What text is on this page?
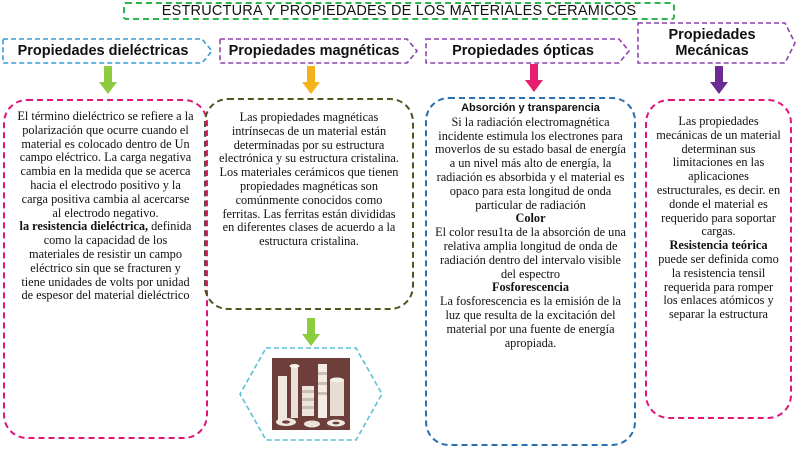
ESTRUCTURA Y PROPIEDADES DE LOS MATERIALES CERAMICOS
Propiedades dieléctricas	Propiedades magnéticas	Propiedades ópticas
Propiedades
Mecánicas

El término dieléctrico se refiere a la polarización que ocurre cuando el material es colocado dentro de Un campo eléctrico. La carga negativa cambia en la medida que se acerca hacia el electrodo positivo y la carga positiva cambia al acercarse al electrodo negativo.

la resistencia dieléctrica, definida como la capacidad de los materiales de resistir un campo eléctrico sin que se fracturen y tiene unidades de volts por unidad de espesor del material dieléctrico

Las propiedades magnéticas intrínsecas de un material están determinadas por su estructura electrónica y su estructura cristalina.

Los materiales cerámicos que tienen propiedades magnéticas son comúnmente conocidos como ferritas. Las ferritas están divididas en diferentes clases de acuerdo a la estructura cristalina.

Absorción y transparencia

Si la radiación electromagnética incidente estimula los electrones para moverlos de su estado basal de energía a un nivel más alto de energía, la radiación es absorbida y el material es opaco para esta longitud de onda particular de radiación

Color

El color resu1ta de la absorción de una relativa amplia longitud de onda de radiación dentro del intervalo visible del espectro

Fosforescencia

La fosforescencia es la emisión de la luz que resulta de la excitación del material por una fuente de energía apropiada.

Las propiedades mecánicas de un material determinan sus limitaciones en las aplicaciones estructurales, es decir. en donde el material es requerido para soportar cargas.

Resistencia teórica puede ser definida como la resistencia tensil requerida para romper los enlaces atómicos y separar la estructura
